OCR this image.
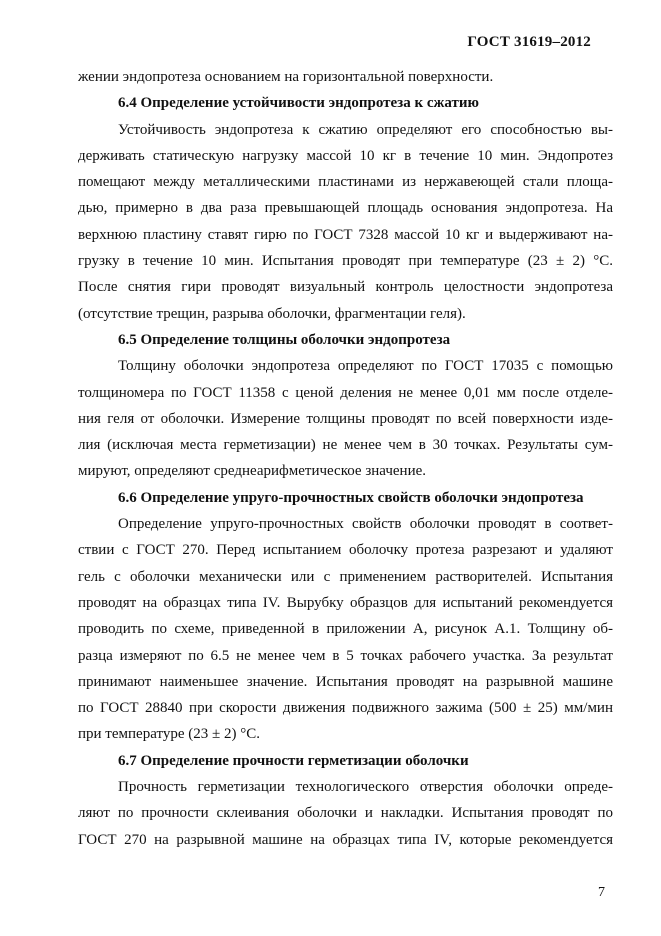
ГОСТ 31619–2012
жении эндопротеза основанием на горизонтальной поверхности.
6.4 Определение устойчивости эндопротеза к сжатию
Устойчивость эндопротеза к сжатию определяют его способностью вы-
держивать статическую нагрузку массой 10 кг в течение 10 мин. Эндопротез
помещают между металлическими пластинами из нержавеющей стали площа-
дью, примерно в два раза превышающей площадь основания эндопротеза. На
верхнюю пластину ставят гирю по ГОСТ 7328 массой 10 кг и выдерживают на-
грузку в течение 10 мин. Испытания проводят при температуре (23 ± 2) °С.
После снятия гири проводят визуальный контроль целостности эндопротеза
(отсутствие трещин, разрыва оболочки, фрагментации геля).
6.5 Определение толщины оболочки эндопротеза
Толщину оболочки эндопротеза определяют по ГОСТ 17035 с помощью
толщиномера по ГОСТ 11358 с ценой деления не менее 0,01 мм после отделе-
ния геля от оболочки. Измерение толщины проводят по всей поверхности изде-
лия (исключая места герметизации) не менее чем в 30 точках. Результаты сум-
мируют, определяют среднеарифметическое значение.
6.6 Определение упруго-прочностных свойств оболочки эндопротеза
Определение упруго-прочностных свойств оболочки проводят в соответ-
ствии с ГОСТ 270. Перед испытанием оболочку протеза разрезают и удаляют
гель с оболочки механически или с применением растворителей. Испытания
проводят на образцах типа IV. Вырубку образцов для испытаний рекомендуется
проводить по схеме, приведенной в приложении А, рисунок А.1. Толщину об-
разца измеряют по 6.5 не менее чем в 5 точках рабочего участка. За результат
принимают наименьшее значение. Испытания проводят на разрывной машине
по ГОСТ 28840 при скорости движения подвижного зажима (500 ± 25) мм/мин
при температуре (23 ± 2) °С.
6.7 Определение прочности герметизации оболочки
Прочность герметизации технологического отверстия оболочки опреде-
ляют по прочности склеивания оболочки и накладки. Испытания проводят по
ГОСТ 270 на разрывной машине на образцах типа IV, которые рекомендуется
7
